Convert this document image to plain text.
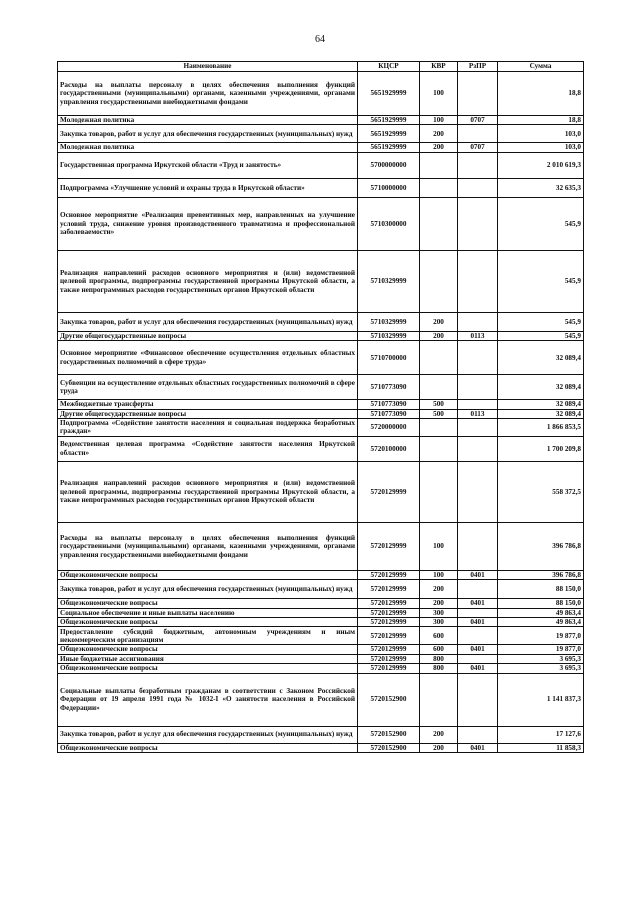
64
Наименование	КЦСР	КВР	РзПР	Сумма
Расходы на выплаты персоналу в целях обеспечения выполнения функций государственными (муниципальными) органами, казенными учреждениями, органами управления государственными внебюджетными фондами	5651929999	100		18,8
Молодежная политика	5651929999	100	0707	18,8
Закупка товаров, работ и услуг для обеспечения государственных (муниципальных) нужд	5651929999	200		103,0
Молодежная политика	5651929999	200	0707	103,0
Государственная программа Иркутской области «Труд и занятость»	5700000000			2 010 619,3
Подпрограмма «Улучшение условий и охраны труда в Иркутской области»	5710000000			32 635,3
Основное мероприятие «Реализация превентивных мер, направленных на улучшение условий труда, снижение уровня производственного травматизма и профессиональной заболеваемости»	5710300000			545,9
Реализация направлений расходов основного мероприятия и (или) ведомственной целевой программы, подпрограммы государственной программы Иркутской области, а также непрограммных расходов государственных органов Иркутской области	5710329999			545,9
Закупка товаров, работ и услуг для обеспечения государственных (муниципальных) нужд	5710329999	200		545,9
Другие общегосударственные вопросы	5710329999	200	0113	545,9
Основное мероприятие «Финансовое обеспечение осуществления отдельных областных государственных полномочий в сфере труда»	5710700000			32 089,4
Субвенции на осуществление отдельных областных государственных полномочий в сфере труда	5710773090			32 089,4
Межбюджетные трансферты	5710773090	500		32 089,4
Другие общегосударственные вопросы	5710773090	500	0113	32 089,4
Подпрограмма «Содействие занятости населения и социальная поддержка безработных граждан»	5720000000			1 866 853,5
Ведомственная целевая программа «Содействие занятости населения Иркутской области»	5720100000			1 700 209,8
Реализация направлений расходов основного мероприятия и (или) ведомственной целевой программы, подпрограммы государственной программы Иркутской области, а также непрограммных расходов государственных органов Иркутской области	5720129999			558 372,5
Расходы на выплаты персоналу в целях обеспечения выполнения функций государственными (муниципальными) органами, казенными учреждениями, органами управления государственными внебюджетными фондами	5720129999	100		396 786,8
Общеэкономические вопросы	5720129999	100	0401	396 786,8
Закупка товаров, работ и услуг для обеспечения государственных (муниципальных) нужд	5720129999	200		88 150,0
Общеэкономические вопросы	5720129999	200	0401	88 150,0
Социальное обеспечение и иные выплаты населению	5720129999	300		49 863,4
Общеэкономические вопросы	5720129999	300	0401	49 863,4
Предоставление субсидий бюджетным, автономным учреждениям и иным некоммерческим организациям	5720129999	600		19 877,0
Общеэкономические вопросы	5720129999	600	0401	19 877,0
Иные бюджетные ассигнования	5720129999	800		3 695,3
Общеэкономические вопросы	5720129999	800	0401	3 695,3
Социальные выплаты безработным гражданам в соответствии с Законом Российской Федерации от 19 апреля 1991 года № 1032-I «О занятости населения в Российской Федерации»	5720152900			1 141 837,3
Закупка товаров, работ и услуг для обеспечения государственных (муниципальных) нужд	5720152900	200		17 127,6
Общеэкономические вопросы	5720152900	200	0401	11 858,3
